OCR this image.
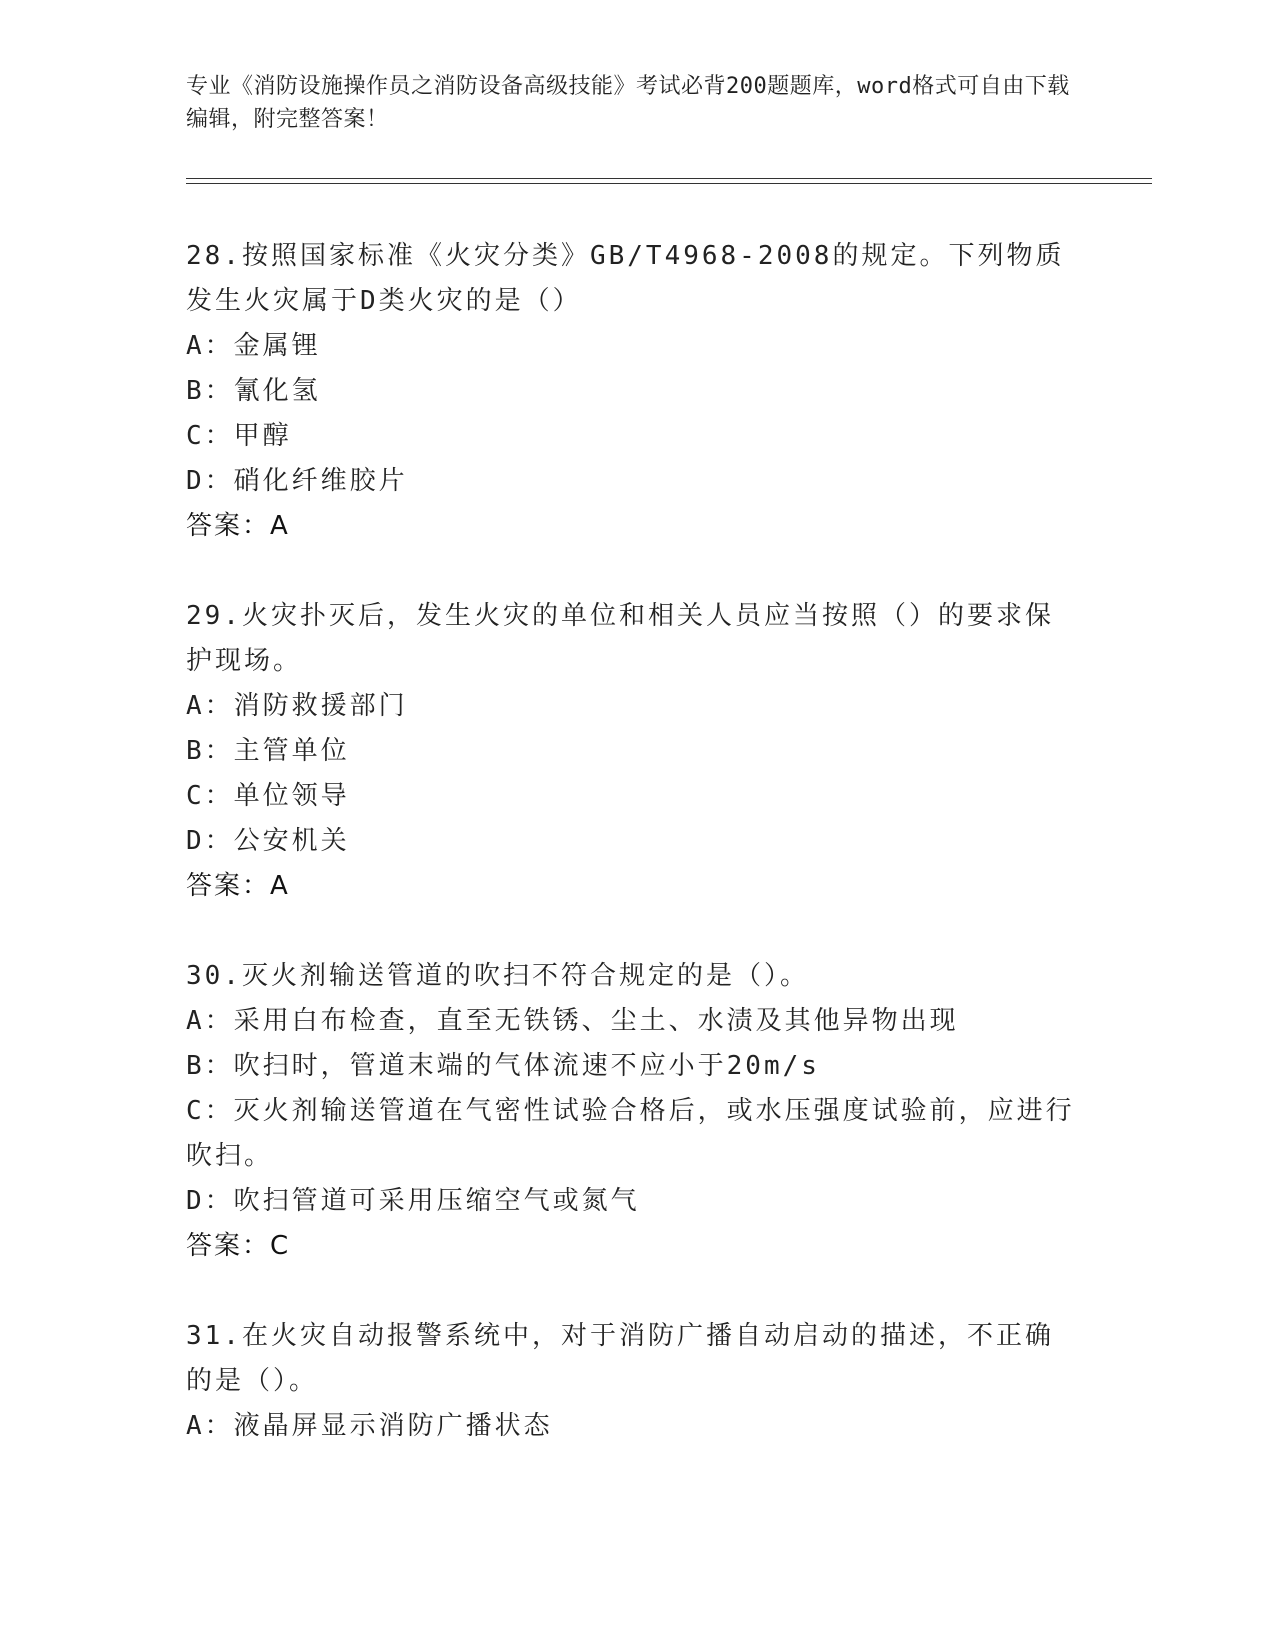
专业《消防设施操作员之消防设备高级技能》考试必背200题题库，word格式可自由下载编辑，附完整答案！

28.按照国家标准《火灾分类》GB/T4968-2008的规定。下列物质发生火灾属于D类火灾的是（）

A：金属锂

B：氰化氢

C：甲醇

D：硝化纤维胶片

答案：A

29.火灾扑灭后，发生火灾的单位和相关人员应当按照（）的要求保护现场。

A：消防救援部门

B：主管单位

C：单位领导

D：公安机关

答案：A

30.灭火剂输送管道的吹扫不符合规定的是（）。

A：采用白布检查，直至无铁锈、尘土、水渍及其他异物出现

B：吹扫时，管道末端的气体流速不应小于20m/s

C：灭火剂输送管道在气密性试验合格后，或水压强度试验前，应进行吹扫。

D：吹扫管道可采用压缩空气或氮气

答案：C

31.在火灾自动报警系统中，对于消防广播自动启动的描述，不正确的是（）。

A：液晶屏显示消防广播状态
